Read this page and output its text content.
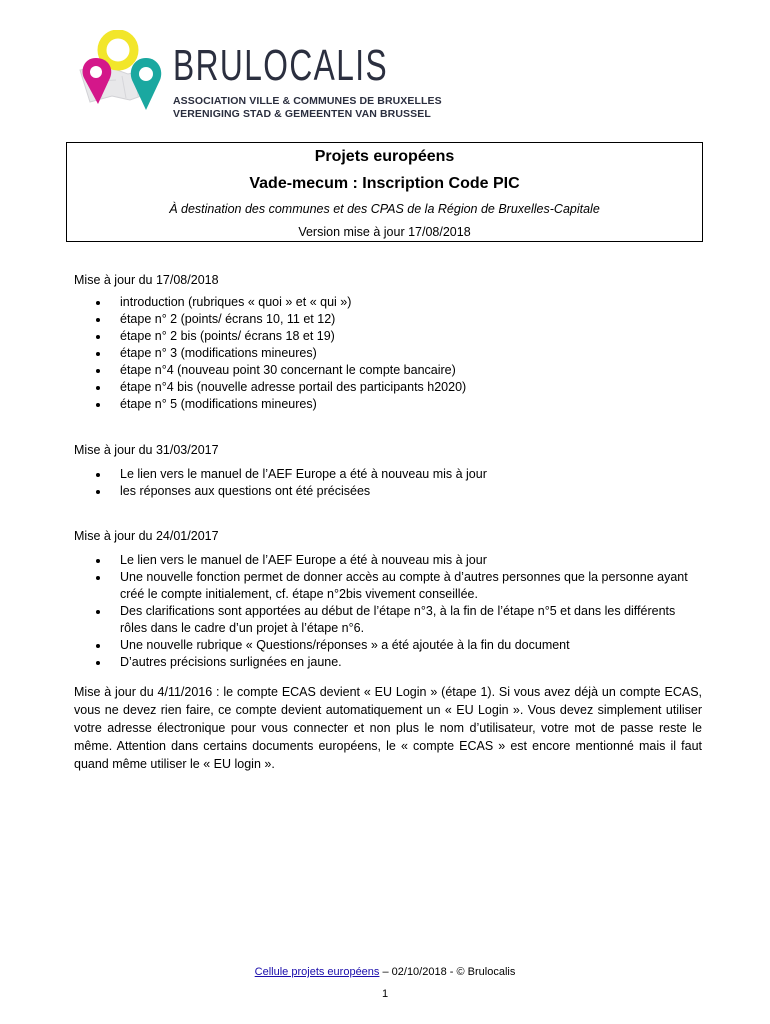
BRULOCALIS
ASSOCIATION VILLE & COMMUNES DE BRUXELLES
VERENIGING STAD & GEMEENTEN VAN BRUSSEL
Projets européens
Vade-mecum : Inscription Code PIC
À destination des communes et des CPAS de la Région de Bruxelles-Capitale
Version mise à jour 17/08/2018
Mise à jour du 17/08/2018
introduction (rubriques « quoi » et « qui »)
étape n° 2 (points/ écrans 10, 11 et 12)
étape n° 2 bis (points/ écrans 18 et 19)
étape n° 3 (modifications mineures)
étape n°4 (nouveau point 30 concernant le compte bancaire)
étape n°4 bis (nouvelle adresse portail des participants h2020)
étape n° 5 (modifications mineures)
Mise à jour du 31/03/2017
Le lien vers le manuel de l’AEF Europe a été à nouveau mis à jour
les réponses aux questions ont été précisées
Mise à jour du 24/01/2017
Le lien vers le manuel de l’AEF Europe a été à nouveau mis à jour
Une nouvelle fonction permet de donner accès au compte à d’autres personnes que la personne ayant créé le compte initialement, cf. étape n°2bis vivement conseillée.
Des clarifications sont apportées au début de l’étape n°3, à la fin de l’étape n°5 et dans les différents rôles dans le cadre d’un projet à l’étape n°6.
Une nouvelle rubrique « Questions/réponses » a été ajoutée à la fin du document
D’autres précisions surlignées en jaune.
Mise à jour du 4/11/2016 : le compte ECAS devient « EU Login » (étape 1). Si vous avez déjà un compte ECAS, vous ne devez rien faire, ce compte devient automatiquement un « EU Login ». Vous devez simplement utiliser votre adresse électronique pour vous connecter et non plus le nom d’utilisateur, votre mot de passe reste le même. Attention dans certains documents européens, le « compte ECAS » est encore mentionné mais il faut quand même utiliser le « EU login ».
Cellule projets européens – 02/10/2018 - © Brulocalis
1
